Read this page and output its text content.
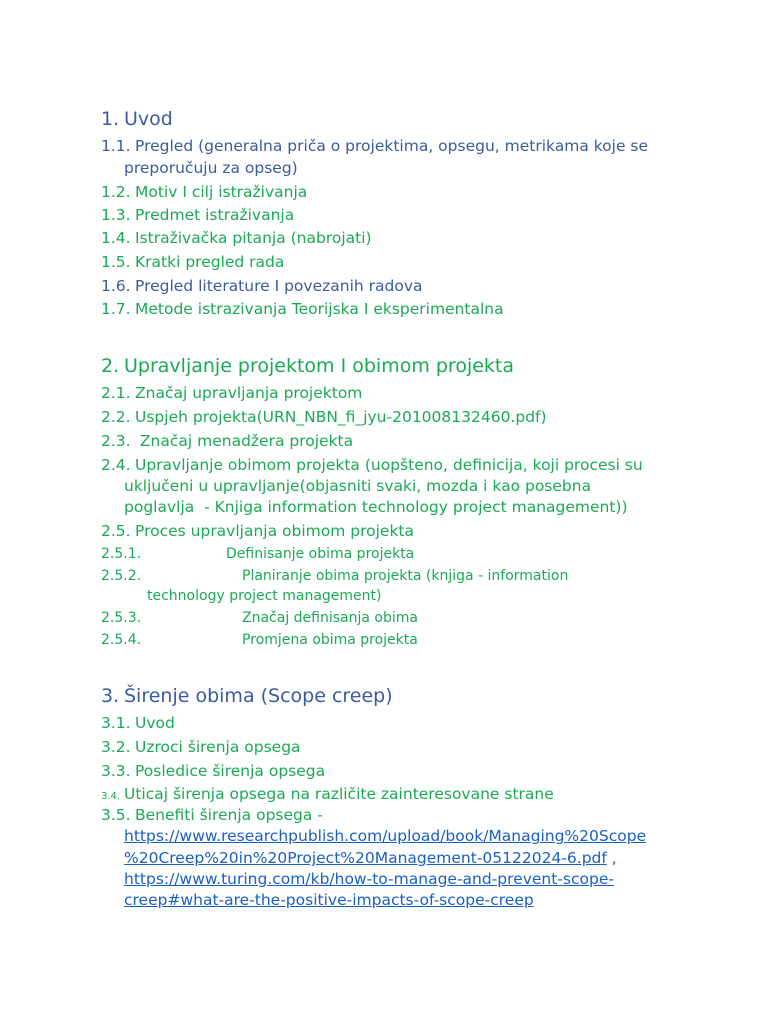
1. Uvod
1.1. Pregled (generalna priča o projektima, opsegu, metrikama koje se
preporučuju za opseg)
1.2. Motiv I cilj istraživanja
1.3. Predmet istraživanja
1.4. Istraživačka pitanja (nabrojati)
1.5. Kratki pregled rada
1.6. Pregled literature I povezanih radova
1.7. Metode istrazivanja Teorijska I eksperimentalna
2. Upravljanje projektom I obimom projekta
2.1. Značaj upravljanja projektom
2.2. Uspjeh projekta(URN_NBN_fi_jyu-201008132460.pdf)
2.3. Značaj menadžera projekta
2.4. Upravljanje obimom projekta (uopšteno, definicija, koji procesi su
uključeni u upravljanje(objasniti svaki, mozda i kao posebna
poglavlja  - Knjiga information technology project management))
2.5. Proces upravljanja obimom projekta
2.5.1.	Definisanje obima projekta
2.5.2.	Planiranje obima projekta (knjiga - information
technology project management)
2.5.3.	Značaj definisanja obima
2.5.4.	Promjena obima projekta
3. Širenje obima (Scope creep)
3.1. Uvod
3.2. Uzroci širenja opsega
3.3. Posledice širenja opsega
3.4. Uticaj širenja opsega na različite zainteresovane strane
3.5. Benefiti širenja opsega -
https://www.researchpublish.com/upload/book/Managing%20Scope
%20Creep%20in%20Project%20Management-05122024-6.pdf ,
https://www.turing.com/kb/how-to-manage-and-prevent-scope-
creep#what-are-the-positive-impacts-of-scope-creep
